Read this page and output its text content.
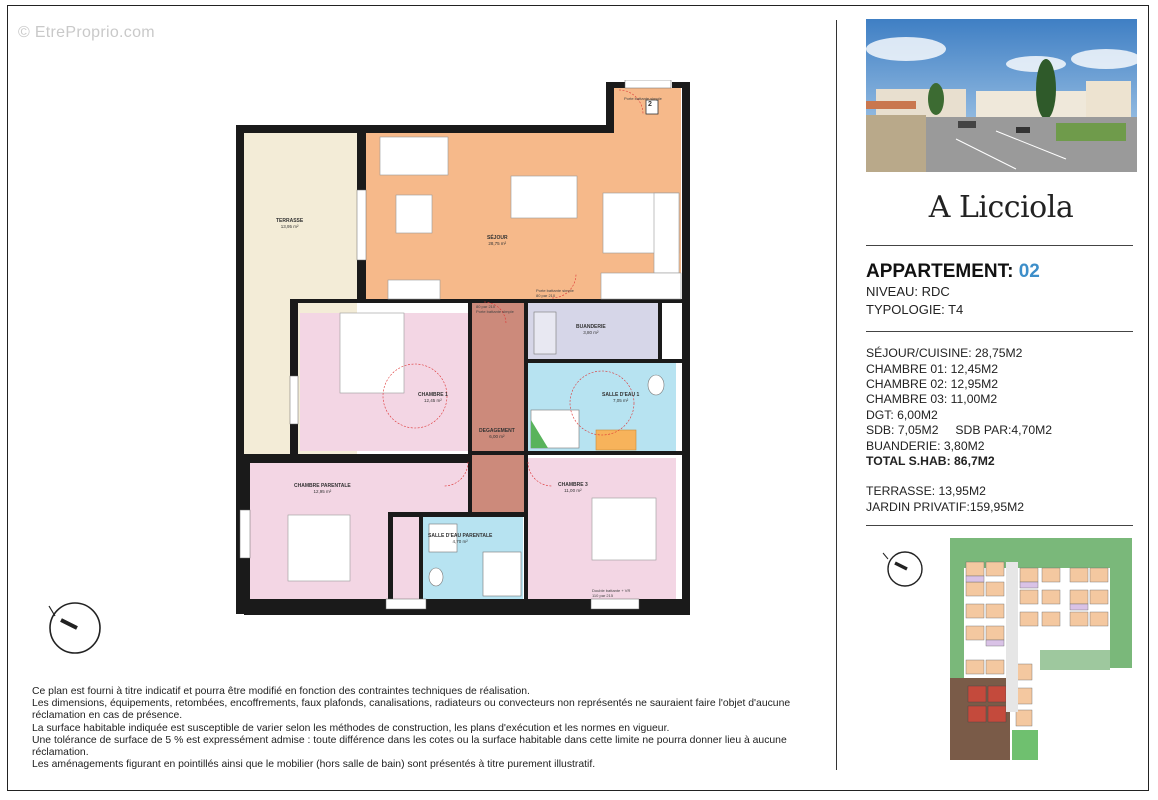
© EtreProprio.com
TERRASSE
13,95 m²
SÉJOUR
28,75 m²
BUANDERIE
3,80 m²
CHAMBRE 1
12,45 m²
SALLE D'EAU 1
7,05 m²
DEGAGEMENT
6,00 m²
CHAMBRE PARENTALE
12,95 m²
SALLE D'EAU PARENTALE
4,70 m²
CHAMBRE 3
11,00 m²
2
Porte battante simple
Porte battante simple
80 par 210
80 par 210
Porte battante simple
Double battante + VR
110 par 215

Ce plan est fourni à titre indicatif et pourra être modifié en fonction des contraintes techniques de réalisation.

Les dimensions, équipements, retombées, encoffrements, faux plafonds, canalisations, radiateurs ou convecteurs non représentés ne sauraient faire l'objet d'aucune réclamation en cas de présence.

La surface habitable indiquée est susceptible de varier selon les méthodes de construction, les plans d'exécution et les normes en vigueur.

Une tolérance de surface de 5 % est expressément admise : toute différence dans les cotes ou la surface habitable dans cette limite ne pourra donner lieu à aucune réclamation.

Les aménagements figurant en pointillés ainsi que le mobilier (hors salle de bain) sont présentés à titre purement illustratif.

A Licciola
APPARTEMENT: 02
NIVEAU: RDC
TYPOLOGIE: T4
SÉJOUR/CUISINE: 28,75M2
CHAMBRE 01: 12,45M2
CHAMBRE 02: 12,95M2
CHAMBRE 03: 11,00M2
DGT: 6,00M2
SDB: 7,05M2     SDB PAR:4,70M2
BUANDERIE: 3,80M2
TOTAL S.HAB: 86,7M2
TERRASSE: 13,95M2
JARDIN PRIVATIF:159,95M2
